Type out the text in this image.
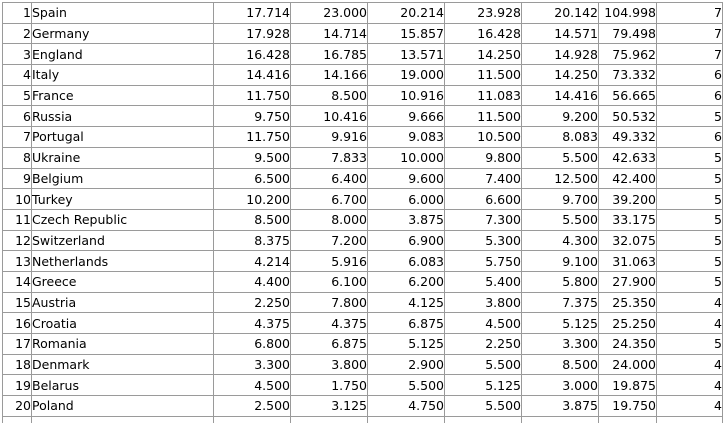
1	Spain	17.714	23.000	20.214	23.928	20.142	104.998	7
2	Germany	17.928	14.714	15.857	16.428	14.571	79.498	7
3	England	16.428	16.785	13.571	14.250	14.928	75.962	7
4	Italy	14.416	14.166	19.000	11.500	14.250	73.332	6
5	France	11.750	8.500	10.916	11.083	14.416	56.665	6
6	Russia	9.750	10.416	9.666	11.500	9.200	50.532	5
7	Portugal	11.750	9.916	9.083	10.500	8.083	49.332	6
8	Ukraine	9.500	7.833	10.000	9.800	5.500	42.633	5
9	Belgium	6.500	6.400	9.600	7.400	12.500	42.400	5
10	Turkey	10.200	6.700	6.000	6.600	9.700	39.200	5
11	Czech Republic	8.500	8.000	3.875	7.300	5.500	33.175	5
12	Switzerland	8.375	7.200	6.900	5.300	4.300	32.075	5
13	Netherlands	4.214	5.916	6.083	5.750	9.100	31.063	5
14	Greece	4.400	6.100	6.200	5.400	5.800	27.900	5
15	Austria	2.250	7.800	4.125	3.800	7.375	25.350	4
16	Croatia	4.375	4.375	6.875	4.500	5.125	25.250	4
17	Romania	6.800	6.875	5.125	2.250	3.300	24.350	5
18	Denmark	3.300	3.800	2.900	5.500	8.500	24.000	4
19	Belarus	4.500	1.750	5.500	5.125	3.000	19.875	4
20	Poland	2.500	3.125	4.750	5.500	3.875	19.750	4
